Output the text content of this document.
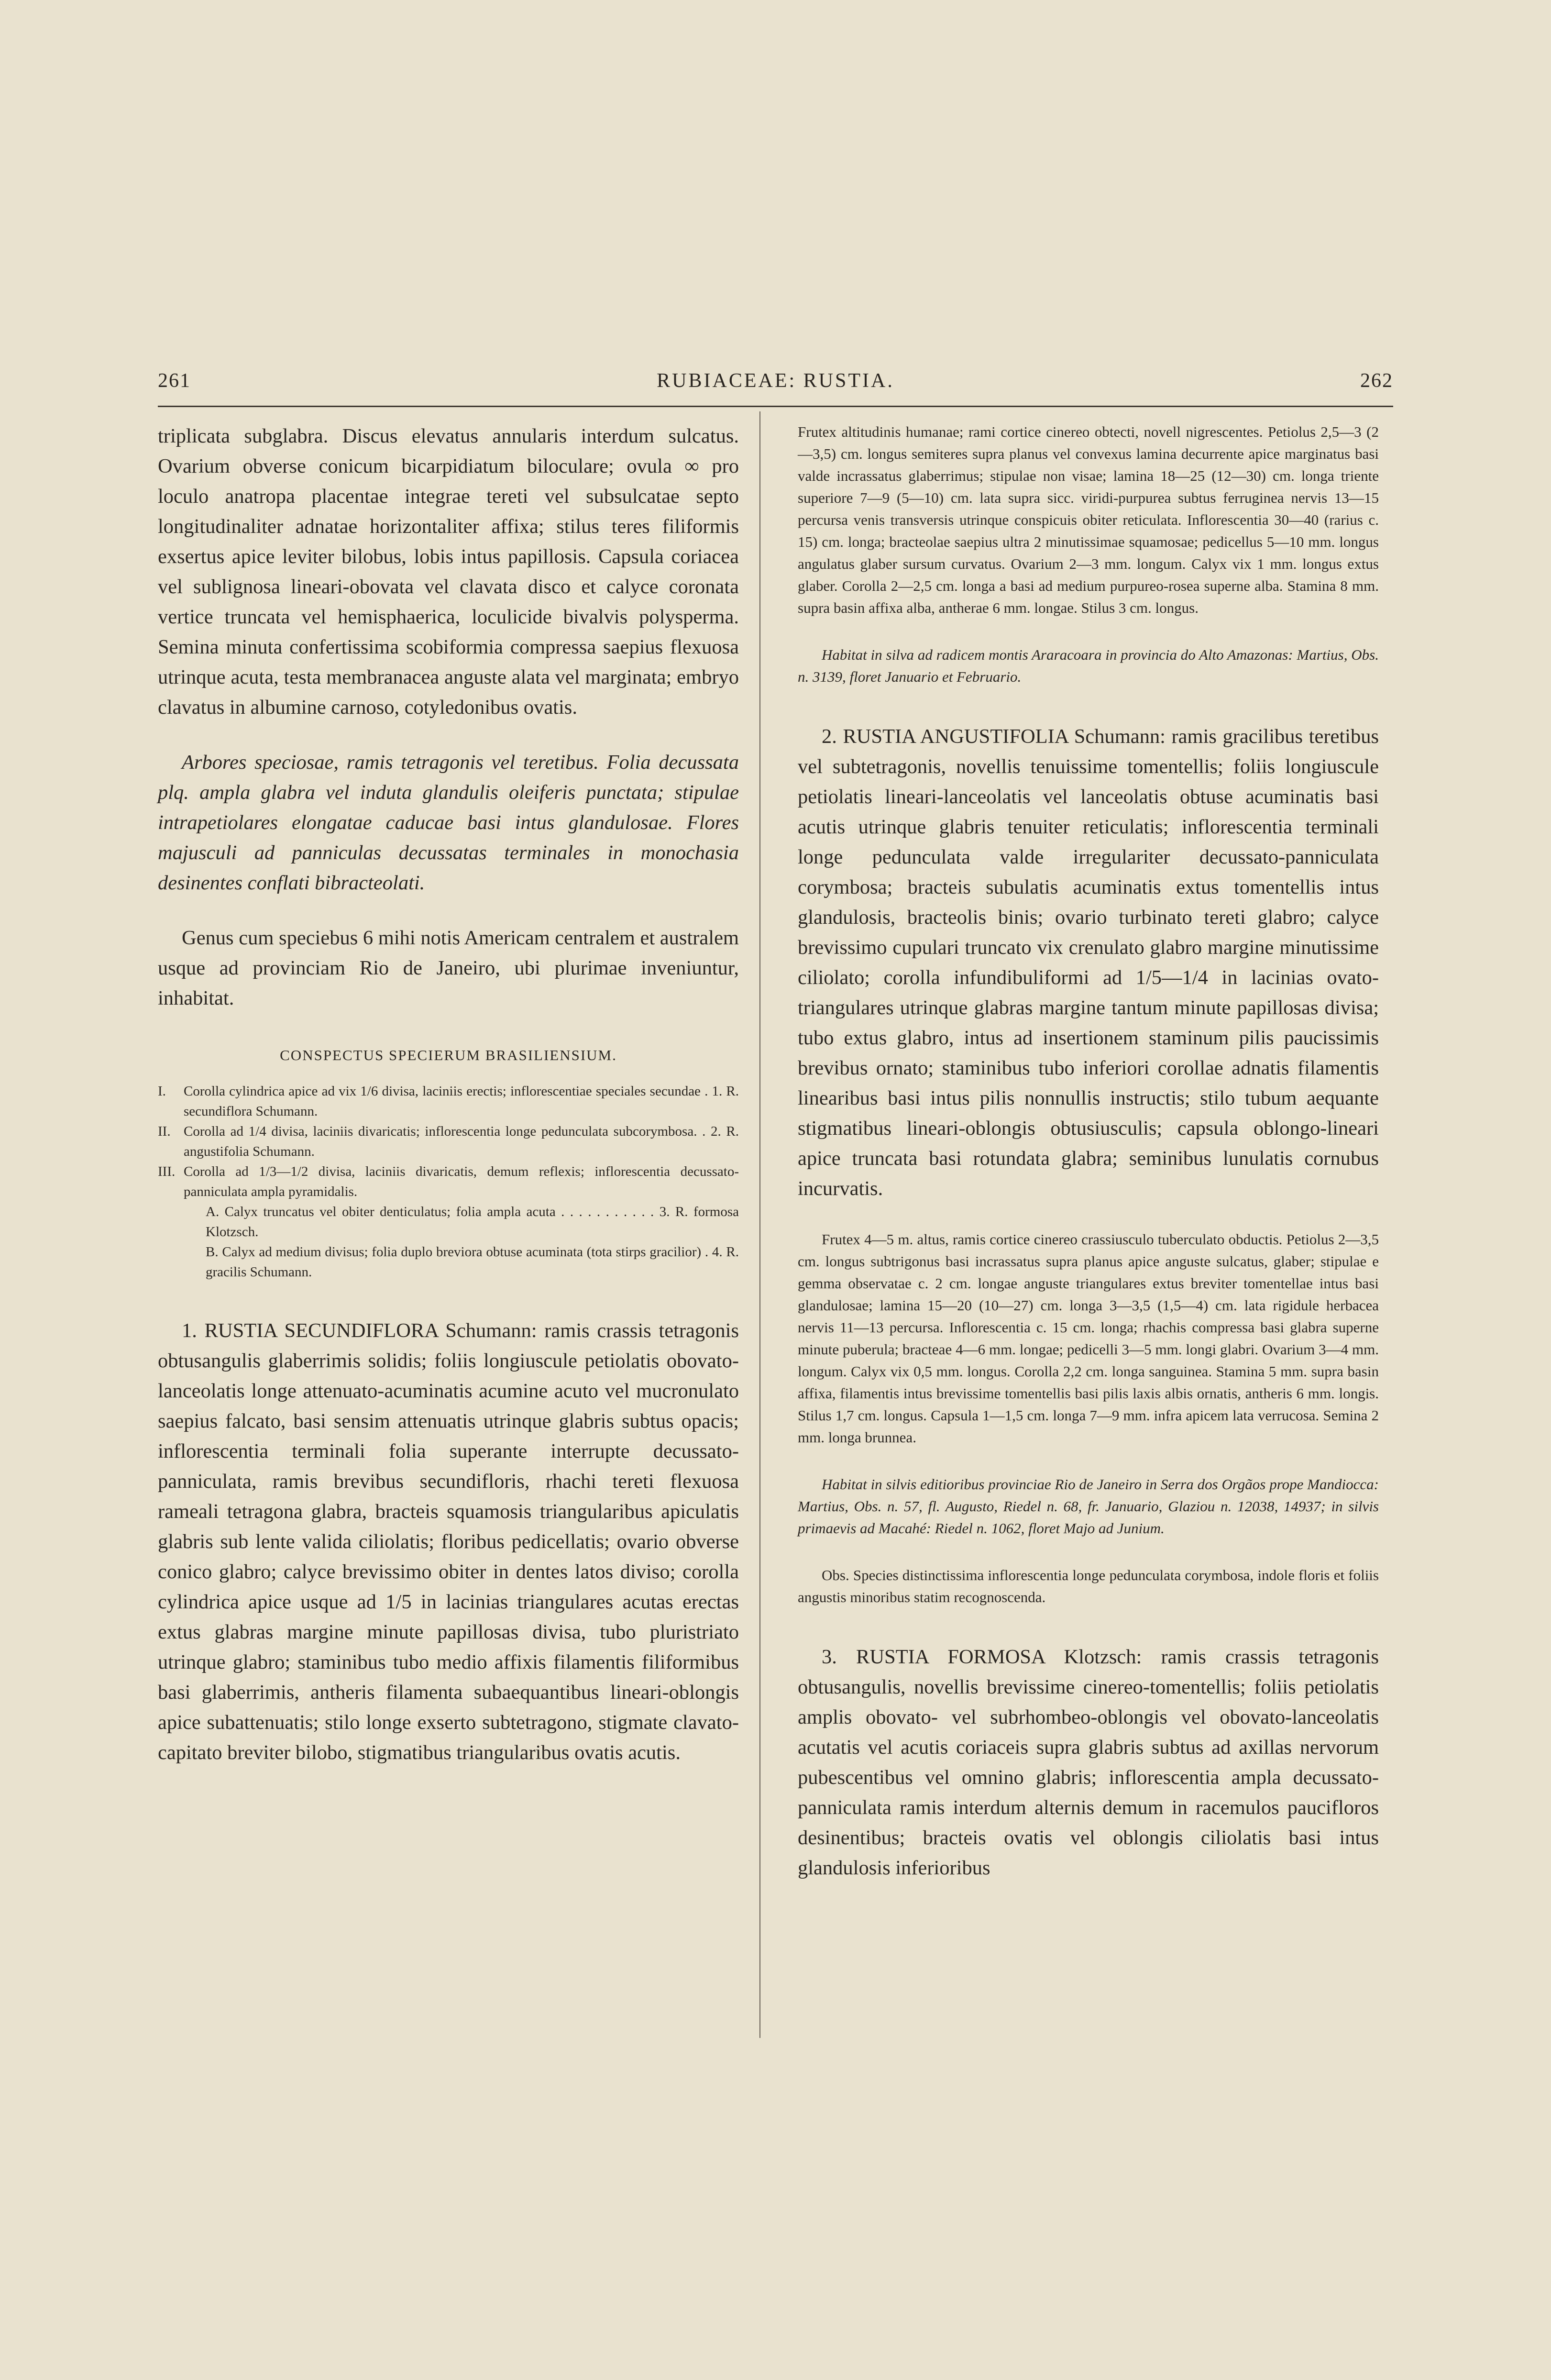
261	RUBIACEAE: RUSTIA.	262

triplicata subglabra. Discus elevatus annularis interdum sulcatus. Ovarium obverse conicum bicarpidiatum biloculare; ovula ∞ pro loculo anatropa placentae integrae tereti vel subsulcatae septo longitudinaliter adnatae horizontaliter affixa; stilus teres filiformis exsertus apice leviter bilobus, lobis intus papillosis. Capsula coriacea vel sublignosa lineari-obovata vel clavata disco et calyce coronata vertice truncata vel hemisphaerica, loculicide bivalvis polysperma. Semina minuta confertissima scobiformia compressa saepius flexuosa utrinque acuta, testa membranacea anguste alata vel marginata; embryo clavatus in albumine carnoso, cotyledonibus ovatis.

Arbores speciosae, ramis tetragonis vel teretibus. Folia decussata plq. ampla glabra vel induta glandulis oleiferis punctata; stipulae intrapetiolares elongatae caducae basi intus glandulosae. Flores majusculi ad panniculas decussatas terminales in monochasia desinentes conflati bibracteolati.

Genus cum speciebus 6 mihi notis Americam centralem et australem usque ad provinciam Rio de Janeiro, ubi plurimae inveniuntur, inhabitat.

CONSPECTUS SPECIERUM BRASILIENSIUM.
I.	Corolla cylindrica apice ad vix 1/6 divisa, laciniis erectis; inflorescentiae speciales secundae . 1. R. secundiflora Schumann.
II. Corolla ad 1/4 divisa, laciniis divaricatis; inflorescentia longe pedunculata subcorymbosa. . 2. R. angustifolia Schumann.
III. Corolla ad 1/3—1/2 divisa, laciniis divaricatis, demum reflexis; inflorescentia decussato-panniculata ampla pyramidalis.
A. Calyx truncatus vel obiter denticulatus; folia ampla acuta . . . . . . . . . . . 3. R. formosa Klotzsch.
B. Calyx ad medium divisus; folia duplo breviora obtuse acuminata (tota stirps gracilior) . 4. R. gracilis Schumann.

1. RUSTIA SECUNDIFLORA Schumann: ramis crassis tetragonis obtusangulis glaberrimis solidis; foliis longiuscule petiolatis obovato-lanceolatis longe attenuato-acuminatis acumine acuto vel mucronulato saepius falcato, basi sensim attenuatis utrinque glabris subtus opacis; inflorescentia terminali folia superante interrupte decussato-panniculata, ramis brevibus secundifloris, rhachi tereti flexuosa rameali tetragona glabra, bracteis squamosis triangularibus apiculatis glabris sub lente valida ciliolatis; floribus pedicellatis; ovario obverse conico glabro; calyce brevissimo obiter in dentes latos diviso; corolla cylindrica apice usque ad 1/5 in lacinias triangulares acutas erectas extus glabras margine minute papillosas divisa, tubo pluristriato utrinque glabro; staminibus tubo medio affixis filamentis filiformibus basi glaberrimis, antheris filamenta subaequantibus lineari-oblongis apice subattenuatis; stilo longe exserto subtetragono, stigmate clavato-capitato breviter bilobo, stigmatibus triangularibus ovatis acutis.

Frutex altitudinis humanae; rami cortice cinereo obtecti, novell nigrescentes. Petiolus 2,5—3 (2—3,5) cm. longus semiteres supra planus vel convexus lamina decurrente apice marginatus basi valde incrassatus glaberrimus; stipulae non visae; lamina 18—25 (12—30) cm. longa triente superiore 7—9 (5—10) cm. lata supra sicc. viridi-purpurea subtus ferruginea nervis 13—15 percursa venis transversis utrinque conspicuis obiter reticulata. Inflorescentia 30—40 (rarius c. 15) cm. longa; bracteolae saepius ultra 2 minutissimae squamosae; pedicellus 5—10 mm. longus angulatus glaber sursum curvatus. Ovarium 2—3 mm. longum. Calyx vix 1 mm. longus extus glaber. Corolla 2—2,5 cm. longa a basi ad medium purpureo-rosea superne alba. Stamina 8 mm. supra basin affixa alba, antherae 6 mm. longae. Stilus 3 cm. longus.

Habitat in silva ad radicem montis Araracoara in provincia do Alto Amazonas: Martius, Obs. n. 3139, floret Januario et Februario.

2. RUSTIA ANGUSTIFOLIA Schumann: ramis gracilibus teretibus vel subtetragonis, novellis tenuissime tomentellis; foliis longiuscule petiolatis lineari-lanceolatis vel lanceolatis obtuse acuminatis basi acutis utrinque glabris tenuiter reticulatis; inflorescentia terminali longe pedunculata valde irregulariter decussato-panniculata corymbosa; bracteis subulatis acuminatis extus tomentellis intus glandulosis, bracteolis binis; ovario turbinato tereti glabro; calyce brevissimo cupulari truncato vix crenulato glabro margine minutissime ciliolato; corolla infundibuliformi ad 1/5—1/4 in lacinias ovato-triangulares utrinque glabras margine tantum minute papillosas divisa; tubo extus glabro, intus ad insertionem staminum pilis paucissimis brevibus ornato; staminibus tubo inferiori corollae adnatis filamentis linearibus basi intus pilis nonnullis instructis; stilo tubum aequante stigmatibus lineari-oblongis obtusiusculis; capsula oblongo-lineari apice truncata basi rotundata glabra; seminibus lunulatis cornubus incurvatis.

Frutex 4—5 m. altus, ramis cortice cinereo crassiusculo tuberculato obductis. Petiolus 2—3,5 cm. longus subtrigonus basi incrassatus supra planus apice anguste sulcatus, glaber; stipulae e gemma observatae c. 2 cm. longae anguste triangulares extus breviter tomentellae intus basi glandulosae; lamina 15—20 (10—27) cm. longa 3—3,5 (1,5—4) cm. lata rigidule herbacea nervis 11—13 percursa. Inflorescentia c. 15 cm. longa; rhachis compressa basi glabra superne minute puberula; bracteae 4—6 mm. longae; pedicelli 3—5 mm. longi glabri. Ovarium 3—4 mm. longum. Calyx vix 0,5 mm. longus. Corolla 2,2 cm. longa sanguinea. Stamina 5 mm. supra basin affixa, filamentis intus brevissime tomentellis basi pilis laxis albis ornatis, antheris 6 mm. longis. Stilus 1,7 cm. longus. Capsula 1—1,5 cm. longa 7—9 mm. infra apicem lata verrucosa. Semina 2 mm. longa brunnea.

Habitat in silvis editioribus provinciae Rio de Janeiro in Serra dos Orgãos prope Mandiocca: Martius, Obs. n. 57, fl. Augusto, Riedel n. 68, fr. Januario, Glaziou n. 12038, 14937; in silvis primaevis ad Macahé: Riedel n. 1062, floret Majo ad Junium.

Obs. Species distinctissima inflorescentia longe pedunculata corymbosa, indole floris et foliis angustis minoribus statim recognoscenda.

3. RUSTIA FORMOSA Klotzsch: ramis crassis tetragonis obtusangulis, novellis brevissime cinereo-tomentellis; foliis petiolatis amplis obovato- vel subrhombeo-oblongis vel obovato-lanceolatis acutatis vel acutis coriaceis supra glabris subtus ad axillas nervorum pubescentibus vel omnino glabris; inflorescentia ampla decussato-panniculata ramis interdum alternis demum in racemulos paucifloros desinentibus; bracteis ovatis vel oblongis ciliolatis basi intus glandulosis inferioribus
